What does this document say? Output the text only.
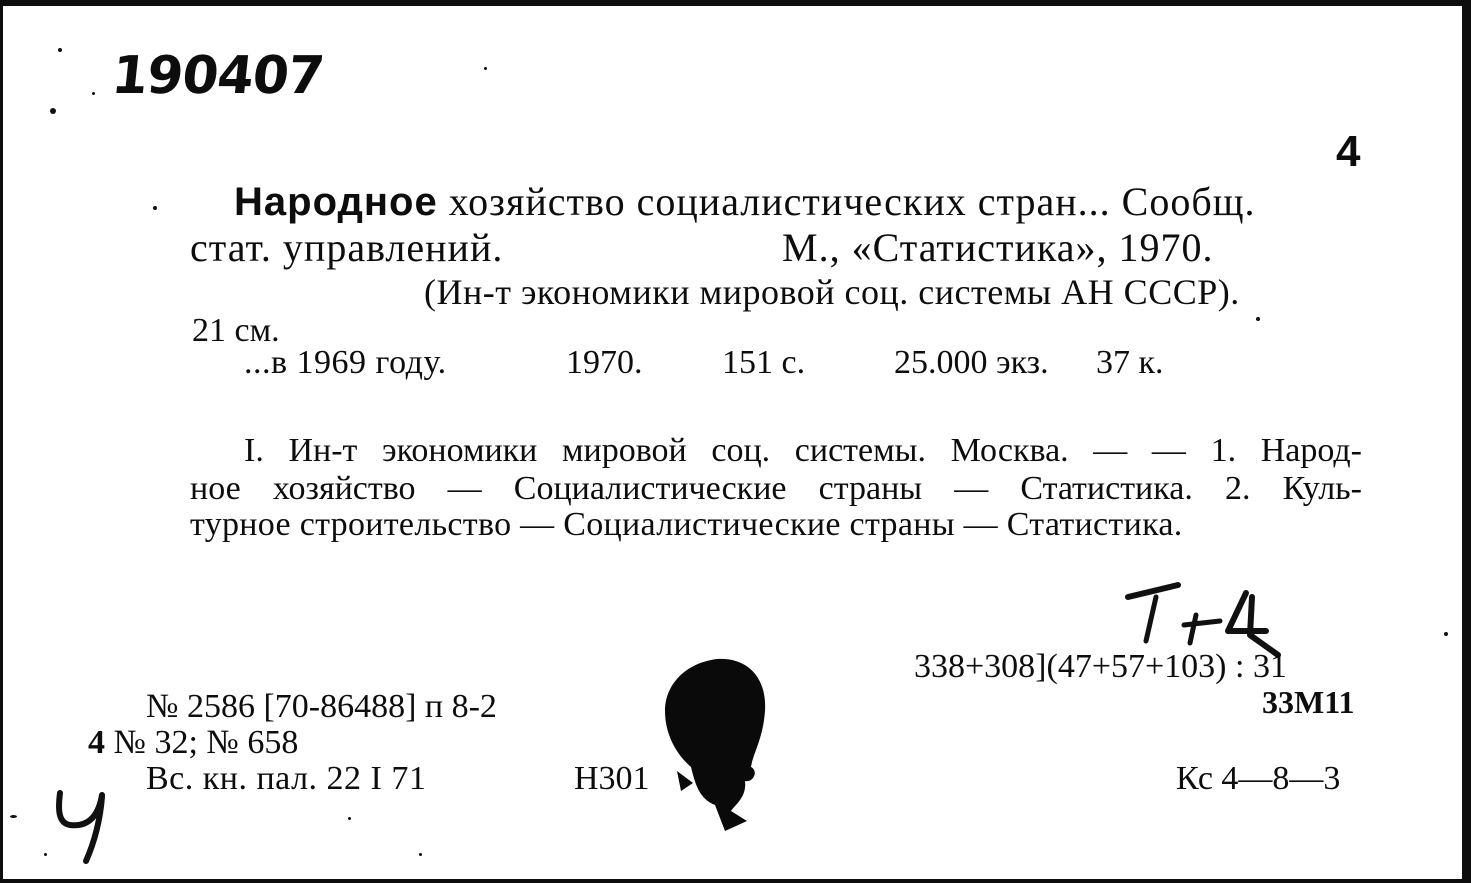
190407
4
Народное хозяйство социалистических стран... Сообщ.
стат. управлений.	М., «Статистика», 1970.
(Ин-т экономики мировой соц. системы АН СССР).
21 см.
...в 1969 году.	1970. 151 с.	25.000 экз. 37 к.
I. Ин-т экономики мировой соц. системы. Москва. — — 1. Народ-
ное хозяйство — Социалистические страны — Статистика. 2. Куль-
турное строительство — Социалистические страны — Статистика.
338+308](47+57+103) : 31
33М11
№ 2586 [70-86488] п 8-2
4 № 32; № 658
Вс. кн. пал. 22 I 71	Н301	Кс 4—8—3
